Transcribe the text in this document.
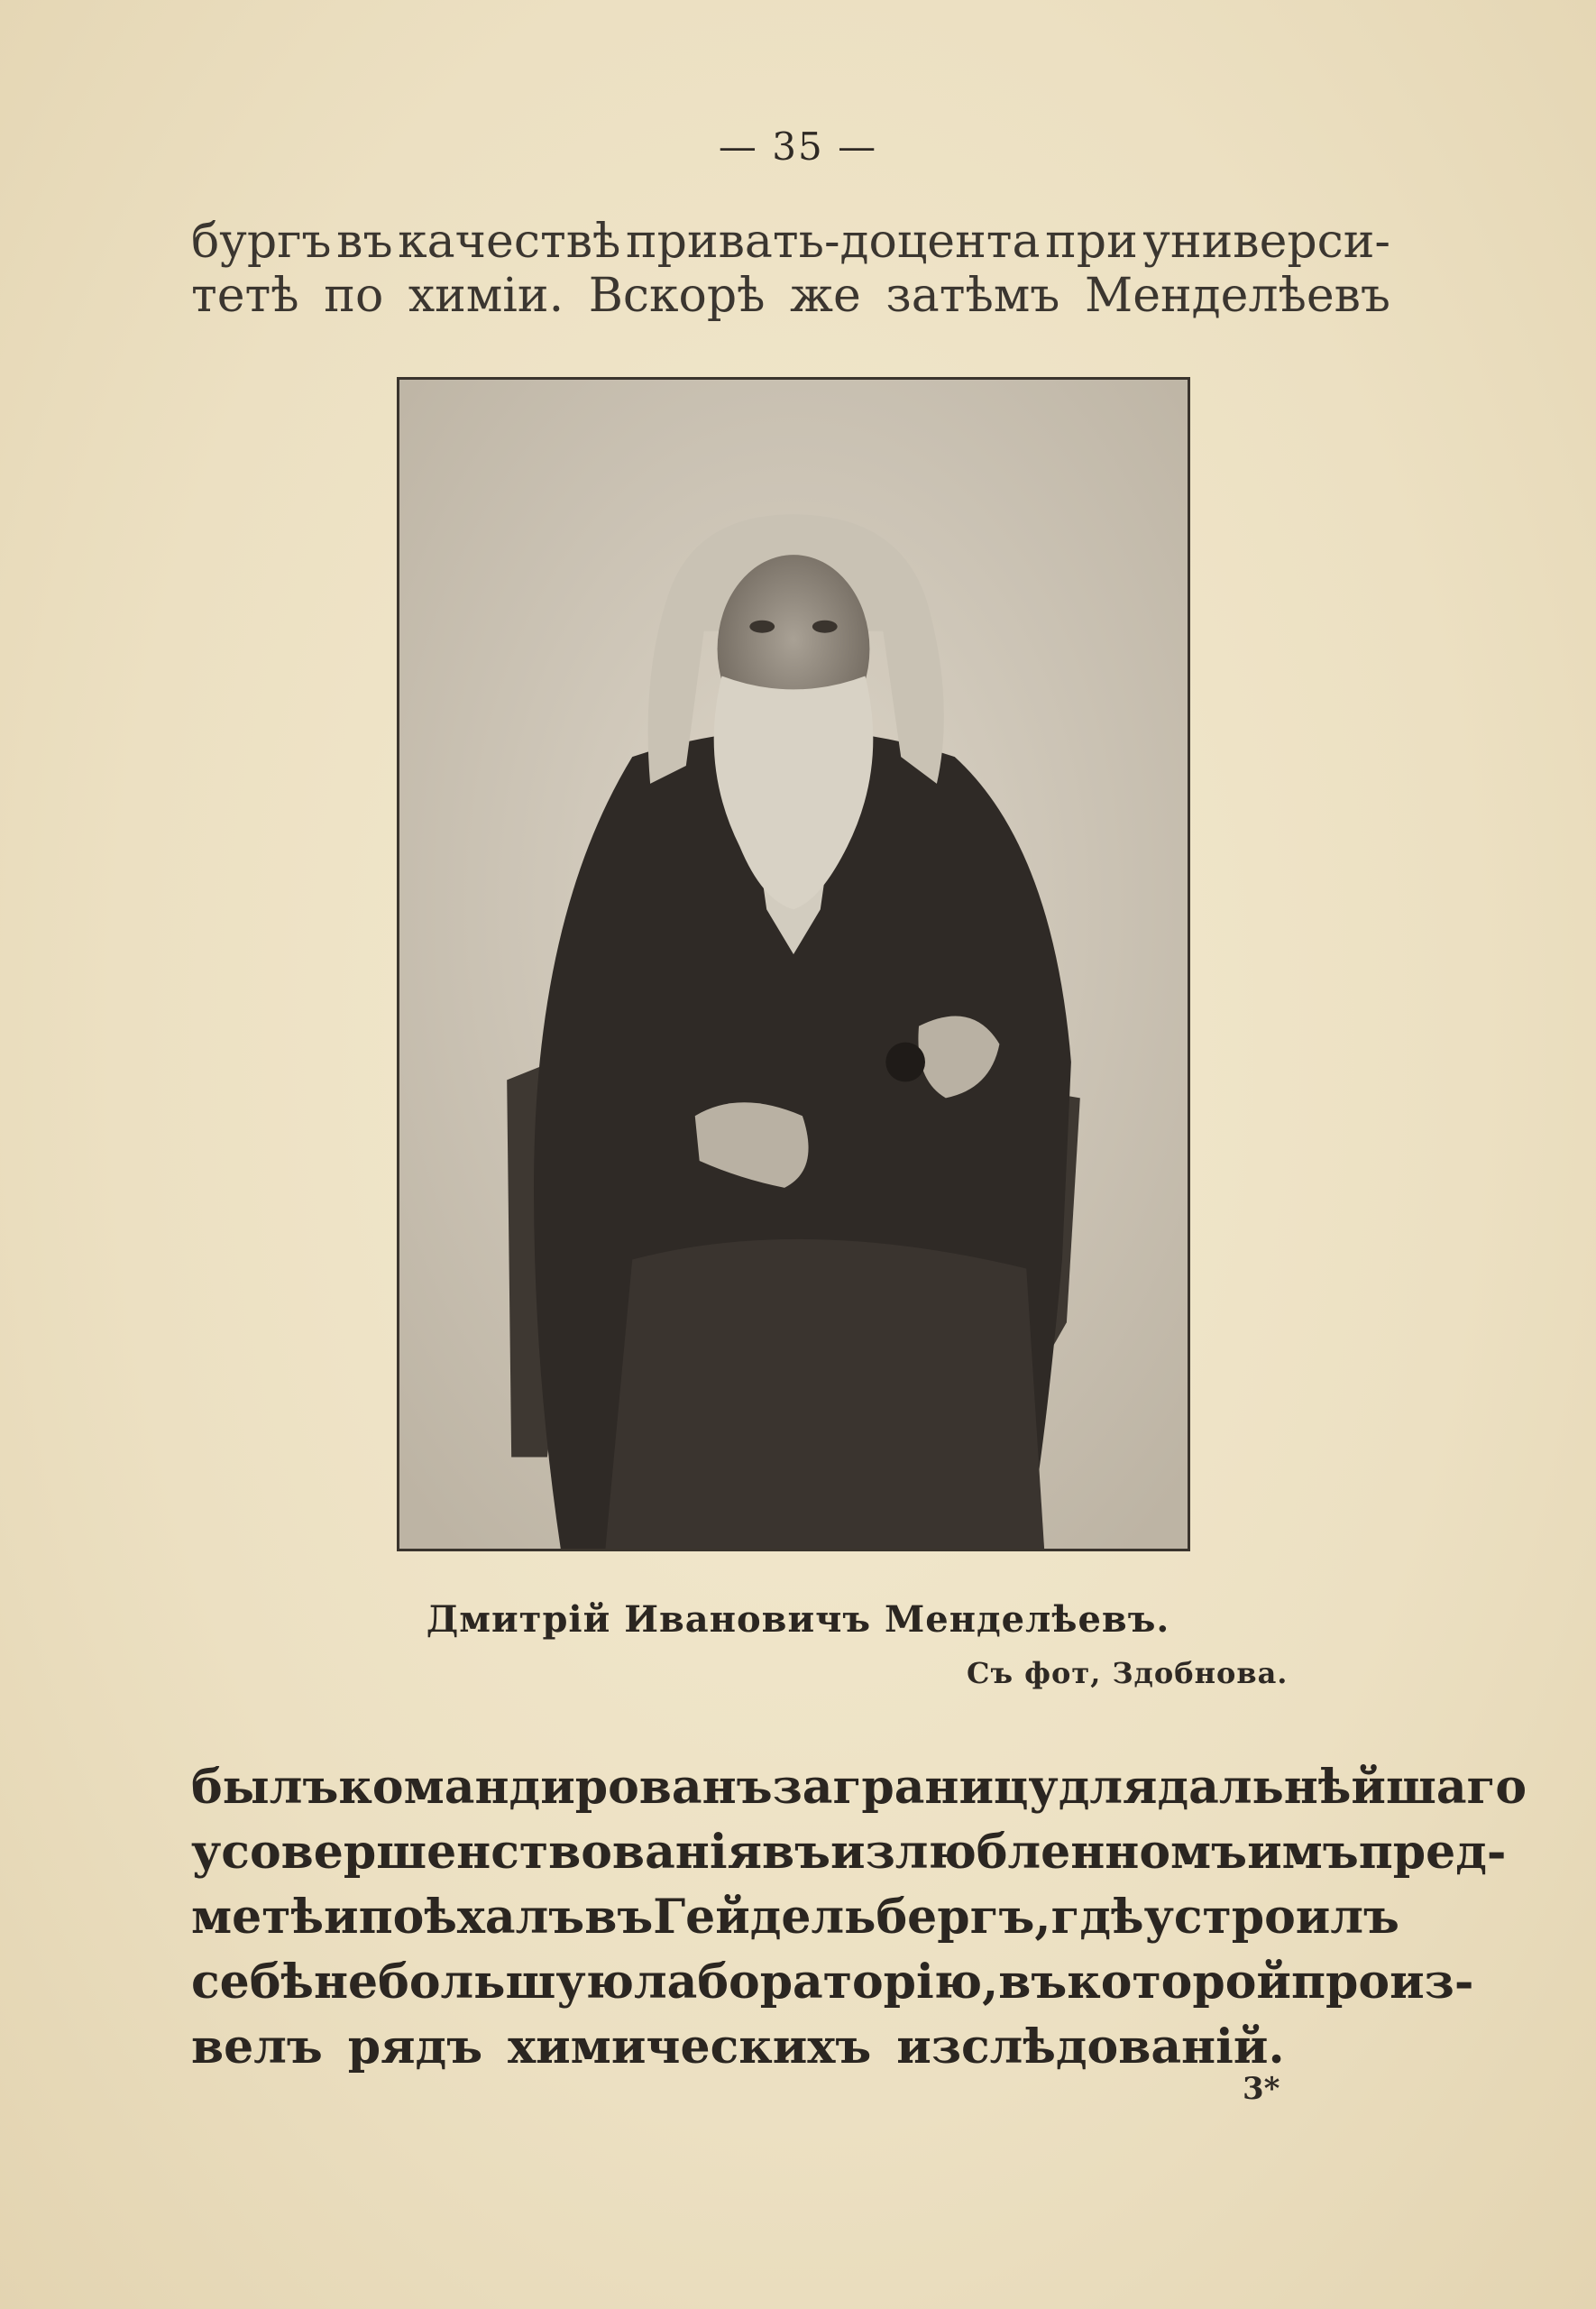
— 35 —
бургъ въ качествѣ привать-доцента при универси-
тетѣ по химіи. Вскорѣ же затѣмъ Менделѣевъ
Дмитрій Ивановичъ Менделѣевъ.
Съ фот, Здобнова.
былъ командированъ за границу для дальнѣйшаго
усовершенствованія въ излюбленномъ имъ пред-
метѣ и поѣхалъ въ Гейдельбергъ, гдѣ устроилъ
себѣ небольшую лабораторію, въ которой произ-
велъ рядъ химическихъ изслѣдованій.
3*
